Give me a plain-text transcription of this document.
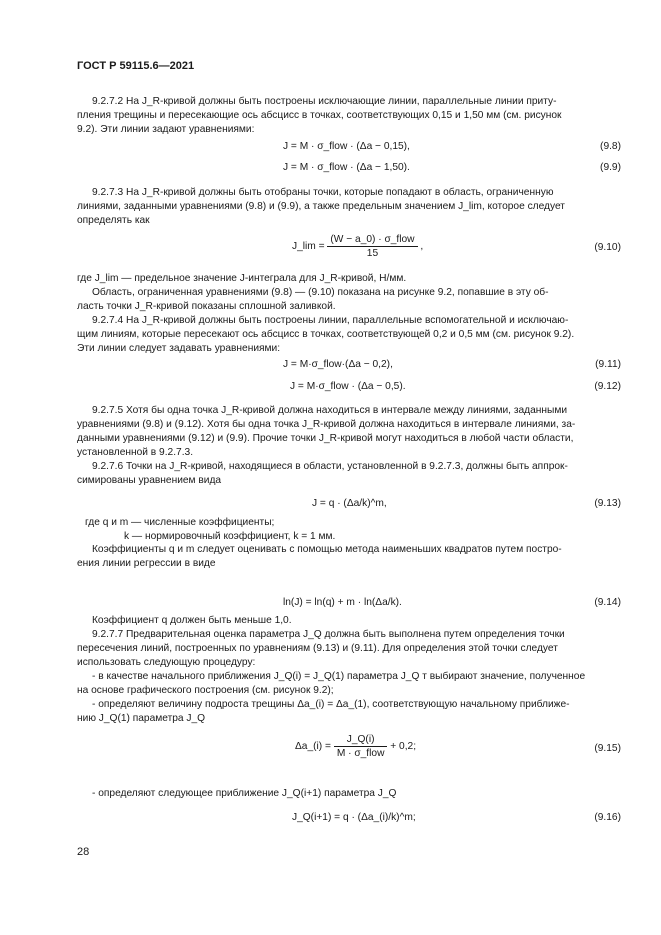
ГОСТ Р 59115.6—2021
9.2.7.2 На J_R-кривой должны быть построены исключающие линии, параллельные линии приту-
пления трещины и пересекающие ось абсцисс в точках, соответствующих 0,15 и 1,50 мм (см. рисунок
9.2). Эти линии задают уравнениями:
9.2.7.3 На J_R-кривой должны быть отобраны точки, которые попадают в область, ограниченную
линиями, заданными уравнениями (9.8) и (9.9), а также предельным значением J_lim, которое следует
определять как
где J_lim — предельное значение J-интеграла для J_R-кривой, Н/мм.
Область, ограниченная уравнениями (9.8) — (9.10) показана на рисунке 9.2, попавшие в эту об-
ласть точки J_R-кривой показаны сплошной заливкой.
9.2.7.4 На J_R-кривой должны быть построены линии, параллельные вспомогательной и исключаю-
щим линиям, которые пересекают ось абсцисс в точках, соответствующей 0,2 и 0,5 мм (см. рисунок 9.2).
Эти линии следует задавать уравнениями:
9.2.7.5 Хотя бы одна точка J_R-кривой должна находиться в интервале между линиями, заданными
уравнениями (9.8) и (9.12). Хотя бы одна точка J_R-кривой должна находиться в интервале линиями, за-
данными уравнениями (9.12) и (9.9). Прочие точки J_R-кривой могут находиться в любой части области,
установленной в 9.2.7.3.
9.2.7.6 Точки на J_R-кривой, находящиеся в области, установленной в 9.2.7.3, должны быть аппрок-
симированы уравнением вида
Коэффициенты q и m следует оценивать с помощью метода наименьших квадратов путем постро-
ения линии регрессии в виде
Коэффициент q должен быть меньше 1,0.
9.2.7.7 Предварительная оценка параметра J_Q должна быть выполнена путем определения точки
пересечения линий, построенных по уравнениям (9.13) и (9.11). Для определения этой точки следует
использовать следующую процедуру:
- в качестве начального приближения J_Q(i) = J_Q(1) параметра J_Q т выбирают значение, полученное
на основе графического построения (см. рисунок 9.2);
- определяют величину подроста трещины Δa_(i) = Δa_(1), соответствующую начальному приближе-
нию J_Q(1) параметра J_Q
- определяют следующее приближение J_Q(i+1) параметра J_Q
где q и m — численные коэффициенты;
k — нормировочный коэффициент, k = 1 мм.
J = M · σ_flow · (Δa − 0,15),	(9.8)
J = M · σ_flow · (Δa − 1,50).	(9.9)
J = M·σ_flow·(Δa − 0,2),	(9.11)
J = M·σ_flow · (Δa − 0,5).	(9.12)
J = q · (Δa/k)^m,	(9.13)
ln(J) = ln(q) + m · ln(Δa/k).	(9.14)
J_Q(i+1) = q · (Δa_(i)/k)^m;	(9.16)
J_lim = $\frac{\text{(W − a\_0) · σ\_flow}}{15}$ ,	(9.10)
Δa_(i) = $\frac{J\_Q(i)}{\text{M · σ\_flow}} + 0,2$;	(9.15)
28
